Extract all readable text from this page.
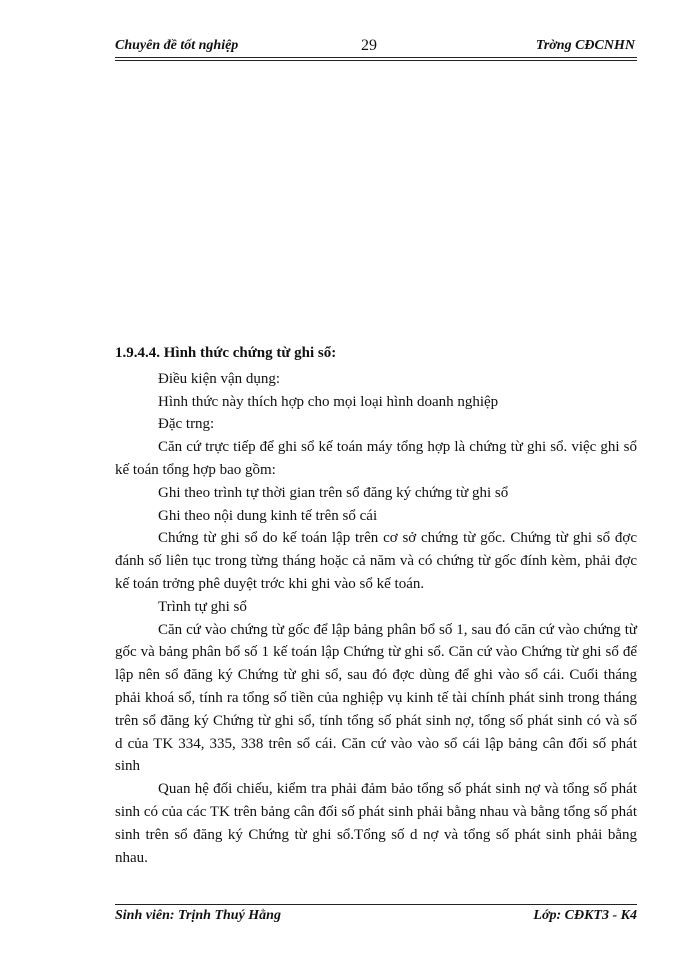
Chuyên đề tốt nghiệp	29	Trờng CĐCNHN

1.9.4.4. Hình thức chứng từ ghi sổ:

Điều kiện vận dụng:

Hình thức này thích hợp cho mọi loại hình doanh nghiệp

Đặc trng:

Căn cứ trực tiếp để ghi sổ kế toán máy tổng hợp là chứng từ ghi sổ. việc ghi sổ kế toán tổng hợp bao gồm:

Ghi theo trình tự thời gian trên sổ đăng ký chứng từ ghi sổ

Ghi theo nội dung kinh tế trên sổ cái

Chứng từ ghi sổ do kế toán lập trên cơ sở chứng từ gốc. Chứng từ ghi sổ đợc đánh số liên tục trong từng tháng hoặc cả năm và có chứng từ gốc đính kèm, phải đợc kế toán trởng phê duyệt trớc khi ghi vào sổ kế toán.

Trình tự ghi sổ

Căn cứ vào chứng từ gốc để lập bảng phân bổ số 1, sau đó căn cứ vào chứng từ gốc và bảng phân bổ số 1 kế toán lập Chứng từ ghi sổ. Căn cứ vào Chứng từ ghi sổ để lập nên sổ đăng ký Chứng từ ghi sổ, sau đó đợc dùng để ghi vào sổ cái. Cuối tháng phải khoá sổ, tính ra tổng số tiền của nghiệp vụ kinh tế tài chính phát sinh trong tháng trên sổ đăng ký Chứng từ ghi sổ, tính tổng số phát sinh nợ, tổng số phát sinh có và số d của TK 334, 335, 338 trên sổ cái. Căn cứ vào vào sổ cái lập bảng cân đối số phát sinh

Quan hệ đối chiếu, kiểm tra phải đảm bảo tổng số phát sinh nợ và tổng số phát sinh có của các TK trên bảng cân đối số phát sinh phải bằng nhau và bằng tổng số phát sinh trên sổ đăng ký Chứng từ ghi sổ.Tổng số d nợ và tổng số phát sinh phải bằng nhau.

Sinh viên: Trịnh Thuý Hằng	Lớp: CĐKT3 - K4
